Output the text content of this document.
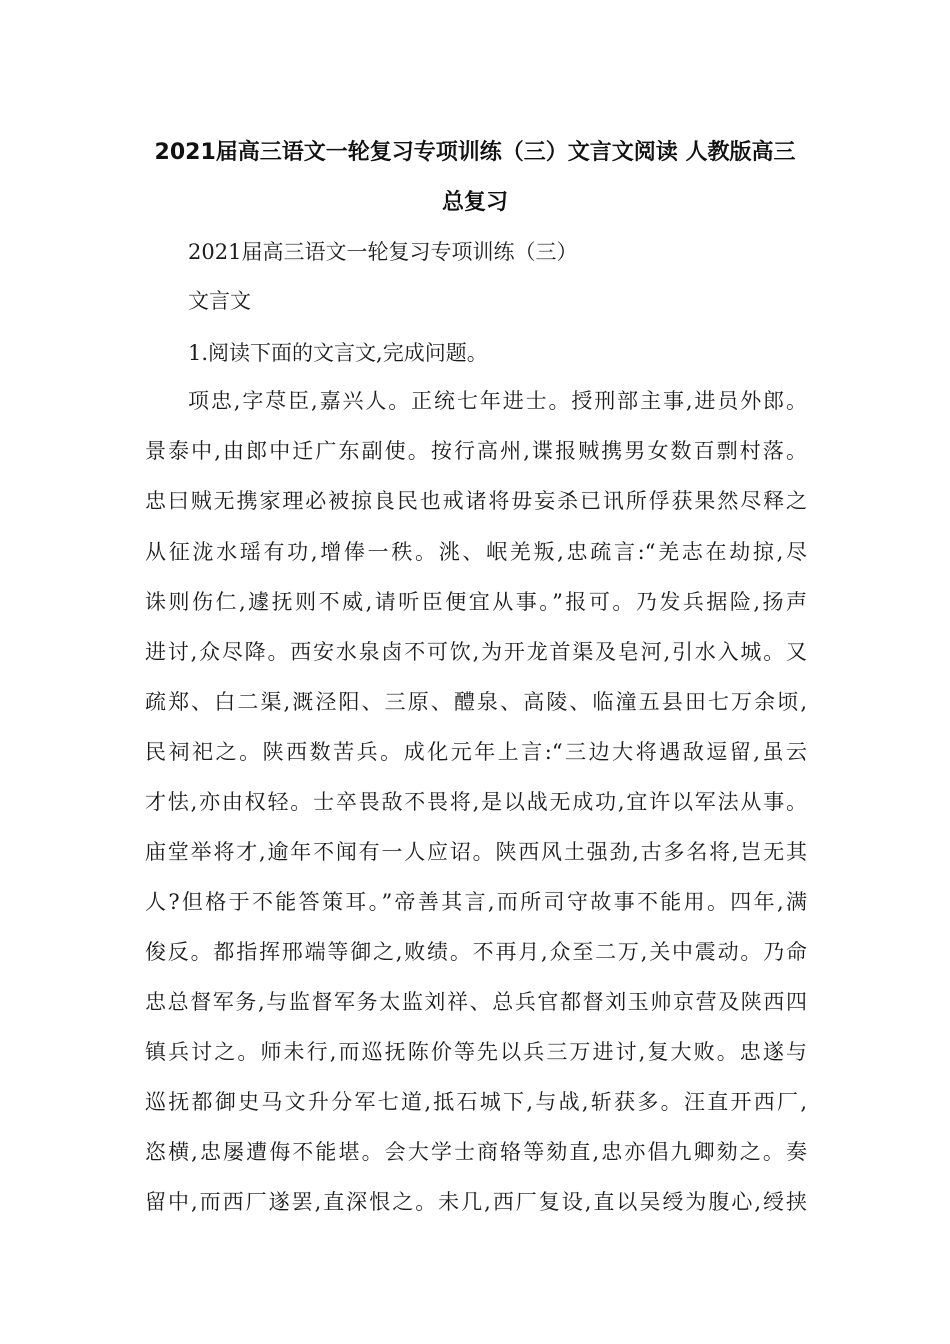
2021届高三语文一轮复习专项训练（三）文言文阅读 人教版高三
总复习
2021届高三语文一轮复习专项训练（三）
文言文
1.阅读下面的文言文,完成问题。
项忠,字荩臣,嘉兴人。正统七年进士。授刑部主事,进员外郎。
景泰中,由郎中迁广东副使。按行高州,谍报贼携男女数百剽村落。
忠曰贼无携家理必被掠良民也戒诸将毋妄杀已讯所俘获果然尽释之
从征泷水瑶有功,增俸一秩。洮、岷羌叛,忠疏言:“羌志在劫掠,尽
诛则伤仁,遽抚则不威,请听臣便宜从事。”报可。乃发兵据险,扬声
进讨,众尽降。西安水泉卤不可饮,为开龙首渠及皂河,引水入城。又
疏郑、白二渠,溉泾阳、三原、醴泉、高陵、临潼五县田七万余顷,
民祠祀之。陕西数苦兵。成化元年上言:“三边大将遇敌逗留,虽云
才怯,亦由权轻。士卒畏敌不畏将,是以战无成功,宜许以军法从事。
庙堂举将才,逾年不闻有一人应诏。陕西风土强劲,古多名将,岂无其
人?但格于不能答策耳。”帝善其言,而所司守故事不能用。四年,满
俊反。都指挥邢端等御之,败绩。不再月,众至二万,关中震动。乃命
忠总督军务,与监督军务太监刘祥、总兵官都督刘玉帅京营及陕西四
镇兵讨之。师未行,而巡抚陈价等先以兵三万进讨,复大败。忠遂与
巡抚都御史马文升分军七道,抵石城下,与战,斩获多。汪直开西厂,
恣横,忠屡遭侮不能堪。会大学士商辂等劾直,忠亦倡九卿劾之。奏
留中,而西厂遂罢,直深恨之。未几,西厂复设,直以吴绶为腹心,绶挟
